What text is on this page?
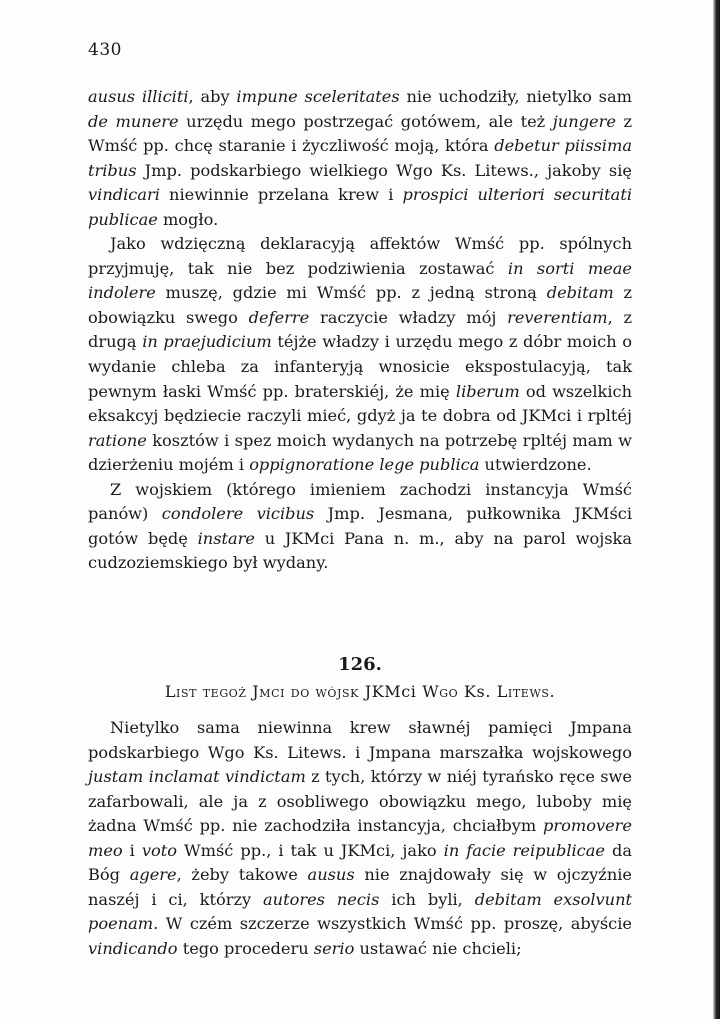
430

ausus illiciti, aby impune sceleritates nie uchodziły, nietylko sam de munere urzędu mego postrzegać gotówem, ale też jungere z Wmść pp. chcę staranie i życzliwość moją, która debetur piissima tribus Jmp. podskarbiego wielkiego Wgo Ks. Litews., jakoby się vindicari niewinnie przelana krew i prospici ulteriori securitati publicae mogło.

Jako wdzięczną deklaracyją affektów Wmść pp. spólnych przyjmuję, tak nie bez podziwienia zostawać in sorti meae indolere muszę, gdzie mi Wmść pp. z jedną stroną debitam z obowiązku swego deferre raczycie władzy mój reverentiam, z drugą in praejudicium téjże władzy i urzędu mego z dóbr moich o wydanie chleba za infanteryją wnosicie ekspostulacyją, tak pewnym łaski Wmść pp. braterskiéj, że mię liberum od wszelkich eksakcyj będziecie raczyli mieć, gdyż ja te dobra od JKMci i rpltéj ratione kosztów i spez moich wydanych na potrzebę rpltéj mam w dzierżeniu mojém i oppignoratione lege publica utwierdzone.

Z wojskiem (którego imieniem zachodzi instancyja Wmść panów) condolere vicibus Jmp. Jesmana, pułkownika JKMści gotów będę instare u JKMci Pana n. m., aby na parol wojska cudzoziemskiego był wydany.

126.
List tegoż Jmci do wójsk JKMci Wgo Ks. Litews.

Nietylko sama niewinna krew sławnéj pamięci Jmpana podskarbiego Wgo Ks. Litews. i Jmpana marszałka wojskowego justam inclamat vindictam z tych, którzy w niéj tyrańsko ręce swe zafarbowali, ale ja z osobliwego obowiązku mego, luboby mię żadna Wmść pp. nie zachodziła instancyja, chciałbym promovere meo i voto Wmść pp., i tak u JKMci, jako in facie reipublicae da Bóg agere, żeby takowe ausus nie znajdowały się w ojczyźnie naszéj i ci, którzy autores necis ich byli, debitam exsolvunt poenam. W czém szczerze wszystkich Wmść pp. proszę, abyście vindicando tego procederu serio ustawać nie chcieli;
